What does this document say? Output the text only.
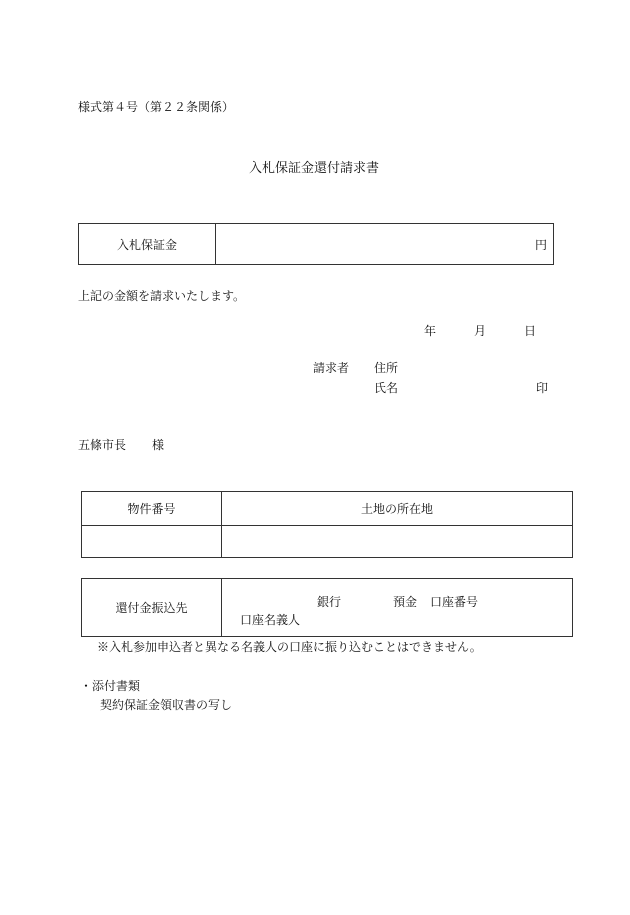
様式第４号（第２２条関係）
入札保証金還付請求書
入札保証金	円
上記の金額を請求いたします。
年	月	日
請求者 住所
氏名	印
五條市長 様
物件番号	土地の所在地

還付金振込先	銀行	預金 口座番号
口座名義人
※入札参加申込者と異なる名義人の口座に振り込むことはできません。
・添付書類
契約保証金領収書の写し
